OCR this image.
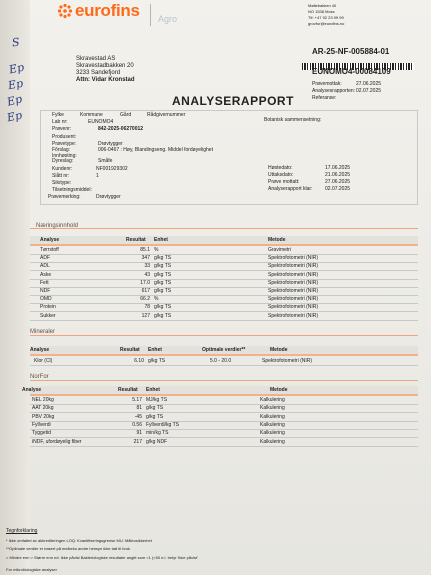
eurofins Agro
Møllebakken 40
NO 1538 Moss
Tlf: +47 92 23 99 99
grovfor@eurofins.no
Skravestad AS
Skravestadbakken 20
3233 Sandefjord
Attn: Vidar Kronstad
AR-25-NF-005884-01
EUNOMO4-00084109
Prøvemottak:	27.06.2025
Analysesrapporten: 02.07.2025
Referanse:
ANALYSERAPPORT
Fylke	Kommune	Gård	Rådgivernummer
Botanisk sammensetning:
Lab nr:	EUNOMO4
Prøvenr:	842-2025-06270012
Produsent:
Prøvetype:	Drøvtygger
Fôrslag:	006-0467 : Høy, Blandingseng. Middel fordøyelighet
Innhøsting:
Dyreslag:	Småfe
Kundenr:	NF001929302
Slått nr:	1
Silotype:
Tilsetningsmiddel:
Prøvemerking:	Drøvtygger
Høstedato:	17.06.2025
Uttaksdato:	21.06.2025
Prøve mottatt:	27.06.2025
Analyserapport klar:	02.07.2025
Næringsinnhold
Analyse	Resultat Enhet	Metode
Tørrstoff	85.1 %	Gravimetri
ADF	347 g/kg TS	Spektrofotometri (NIR)
ADL	33 g/kg TS	Spektrofotometri (NIR)
Aske	43 g/kg TS	Spektrofotometri (NIR)
Fett	17.0 g/kg TS	Spektrofotometri (NIR)
NDF	617 g/kg TS	Spektrofotometri (NIR)
OMD	66.2 %	Spektrofotometri (NIR)
Protein	78 g/kg TS	Spektrofotometri (NIR)
Sukker	127 g/kg TS	Spektrofotometri (NIR)
Mineraler
Analyse	Resultat Enhet	Optimale verdier**	Metode
Klor (Cl)	6.10 g/kg TS	5.0 - 20.0	Spektrofotometri (NIR)
NorFor
Analyse	Resultat Enhet	Metode
NEL 20kg	5.17 MJ/kg TS	Kalkulering
AAT 20kg	81 g/kg TS	Kalkulering
PBV 20kg	-45 g/kg TS	Kalkulering
Fyllverdi	0.56 Fyllverdi/kg TS	Kalkulering
Tyggetid	91 min/kg TS	Kalkulering
iNDF, ufordøyelig fiber	217 g/kg NDF	Kalkulering
Tegnforklaring
* Ikke omfattet av akkrediteringen LOQ: Kvantifiseringsgrense MU: Måleusikkerhet
**Optimale verdier er basert på melkeku andre hensyn ikke tatt til bruk
< Mindre enn > Større enn nd: Ikke påvist Bakteriologiske resultater angitt som <1 (<50 e.l. betyr 'ikke påvist'
For mikrobiologiske analyser
S
Ep
Ep
Ep
Ep
